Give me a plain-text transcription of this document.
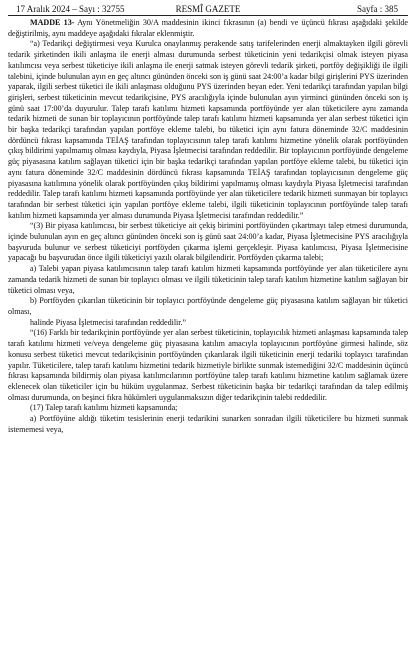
17 Aralık 2024 – Sayı : 32755	RESMÎ GAZETE	Sayfa : 385

MADDE 13- Aynı Yönetmeliğin 30/A maddesinin ikinci fıkrasının (a) bendi ve üçüncü fıkrası aşağıdaki şekilde değiştirilmiş, aynı maddeye aşağıdaki fıkralar eklenmiştir.

“a) Tedarikçi değiştirmesi veya Kurulca onaylanmış perakende satış tarifelerinden enerji almaktayken ilgili görevli tedarik şirketinden ikili anlaşma ile enerji alması durumunda serbest tüketicinin yeni tedarikçisi olmak isteyen piyasa katılımcısı veya serbest tüketiciye ikili anlaşma ile enerji satmak isteyen görevli tedarik şirketi, portföy değişikliği ile ilgili talebini, içinde bulunulan ayın en geç altıncı gününden önceki son iş günü saat 24:00’a kadar bilgi girişlerini PYS üzerinden yaparak, ilgili serbest tüketici ile ikili anlaşması olduğunu PYS üzerinden beyan eder. Yeni tedarikçi tarafından yapılan bilgi girişleri, serbest tüketicinin mevcut tedarikçisine, PYS aracılığıyla içinde bulunulan ayın yirminci gününden önceki son iş günü saat 17:00’da duyurulur. Talep tarafı katılımı hizmeti kapsamında portföyünde yer alan tüketicilere aynı zamanda tedarik hizmeti de sunan bir toplayıcının portföyünde talep tarafı katılımı hizmeti kapsamında yer alan serbest tüketici için bir başka tedarikçi tarafından yapılan portföye ekleme talebi, bu tüketici için aynı fatura döneminde 32/C maddesinin dördüncü fıkrası kapsamında TEİAŞ tarafından toplayıcısının talep tarafı katılımı hizmetine yönelik olarak portföyünden çıkış bildirimi yapılmamış olması kaydıyla, Piyasa İşletmecisi tarafından reddedilir. Bir toplayıcının portföyünde dengeleme güç piyasasına katılım sağlayan tüketici için bir başka tedarikçi tarafından yapılan portföye ekleme talebi, bu tüketici için aynı fatura döneminde 32/C maddesinin dördüncü fıkrası kapsamında TEİAŞ tarafından toplayıcısının dengeleme güç piyasasına katılımına yönelik olarak portföyünden çıkış bildirimi yapılmamış olması kaydıyla Piyasa İşletmecisi tarafından reddedilir. Talep tarafı katılımı hizmeti kapsamında portföyünde yer alan tüketicilere tedarik hizmeti sunmayan bir toplayıcı tarafından bir serbest tüketici için yapılan portföye ekleme talebi, ilgili tüketicinin toplayıcının portföyünde talep tarafı katılım hizmeti kapsamında yer alması durumunda Piyasa İşletmecisi tarafından reddedilir.”

“(3) Bir piyasa katılımcısı, bir serbest tüketiciye ait çekiş birimini portföyünden çıkartmayı talep etmesi durumunda, içinde bulunulan ayın en geç altıncı gününden önceki son iş günü saat 24:00’a kadar, Piyasa İşletmecisine PYS aracılığıyla başvuruda bulunur ve serbest tüketiciyi portföyden çıkarma işlemi gerçekleşir. Piyasa katılımcısı, Piyasa İşletmecisine yapacağı bu başvurudan önce ilgili tüketiciyi yazılı olarak bilgilendirir. Portföyden çıkarma talebi;

a) Talebi yapan piyasa katılımcısının talep tarafı katılım hizmeti kapsamında portföyünde yer alan tüketicilere aynı zamanda tedarik hizmeti de sunan bir toplayıcı olması ve ilgili tüketicinin talep tarafı katılım hizmetine katılım sağlayan bir tüketici olması veya,

b) Portföyden çıkarılan tüketicinin bir toplayıcı portföyünde dengeleme güç piyasasına katılım sağlayan bir tüketici olması,

halinde Piyasa İşletmecisi tarafından reddedilir.”

“(16) Farklı bir tedarikçinin portföyünde yer alan serbest tüketicinin, toplayıcılık hizmeti anlaşması kapsamında talep tarafı katılımı hizmeti ve/veya dengeleme güç piyasasına katılım amacıyla toplayıcının portföyüne girmesi halinde, söz konusu serbest tüketici mevcut tedarikçisinin portföyünden çıkarılarak ilgili tüketicinin enerji tedariki toplayıcı tarafından yapılır. Tüketicilere, talep tarafı katılımı hizmetini tedarik hizmetiyle birlikte sunmak istemediğini 32/C maddesinin üçüncü fıkrası kapsamında bildirmiş olan piyasa katılımcılarının portföyüne talep tarafı katılımı hizmetine katılım sağlamak üzere eklenecek olan tüketiciler için bu hüküm uygulanmaz. Serbest tüketicinin başka bir tedarikçi tarafından da talep edilmiş olması durumunda, on beşinci fıkra hükümleri uygulanmaksızın diğer tedarikçinin talebi reddedilir.

(17) Talep tarafı katılımı hizmeti kapsamında;

a) Portföyüne aldığı tüketim tesislerinin enerji tedarikini sunarken sonradan ilgili tüketicilere bu hizmeti sunmak istememesi veya,
